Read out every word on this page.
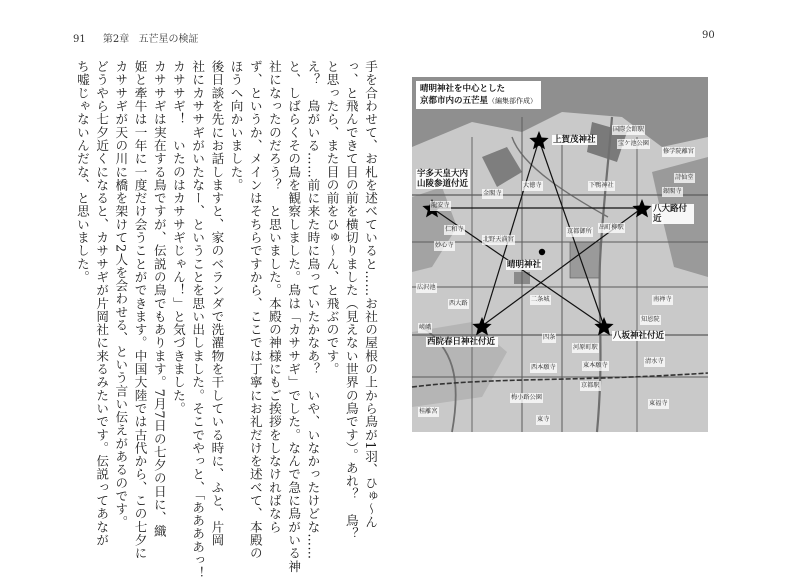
91 第2章 五芒星の検証	90
手を合わせて、お札を述べていると……お社の屋根の上から鳥が1羽、ひゅ～ん
っ、と飛んできて目の前を横切りました（見えない世界の鳥です）。あれ？　鳥？
と思ったら、また目の前をひゅ～ん、と飛ぶのです。
え？　鳥がいる……前に来た時に鳥っていたかなあ？　いや、いなかったけどな……
と、しばらくその鳥を観察しました。鳥は「カササギ」でした。なんで急に鳥がいる神
社になったのだろう？　と思いました。本殿の神様にもご挨拶をしなければなら
ず、というか、メインはそちらですから、ここでは丁寧にお礼だけを述べて、本殿の
ほうへ向かいました。
後日談を先にお話しますと、家のベランダで洗濯物を干している時に、ふと、片岡
社にカササギがいたなー、ということを思い出しました。そこでやっと、「ああああっ！
カササギ！　いたのはカササギじゃん！」と気づきました。
カササギは実在する鳥ですが、伝説の鳥でもあります。7月7日の七夕の日に、織
姫と牽牛は一年に一度だけ会うことができます。中国大陸では古代から、この七夕に
カササギが天の川に橋を架けて2人を会わせる、という言い伝えがあるのです。
どうやら七夕近くになると、カササギが片岡社に来るみたいです。伝説ってあなが
ち嘘じゃないんだな、と思いました。	晴明神社を中心とした
京都市内の五芒星（編集部作成）
上賀茂神社
宇多天皇大内山陵参道付近
八大路付近
晴明神社
西院春日神社付近
八坂神社付近
国際会館駅
宝ケ池公園
金閣寺
大徳寺	下鴨神社
仁和寺
北野天満宮
出町柳駅
銀閣寺
京都御所
二条城
四条
河原町駅
京都駅
清水寺
東福寺
梅小路公園
西大路
龍安寺
妙心寺
広沢池
南禅寺
知恩院
東寺
東本願寺
西本願寺
桂離宮
修学院離宮
詩仙堂
嵯峨
